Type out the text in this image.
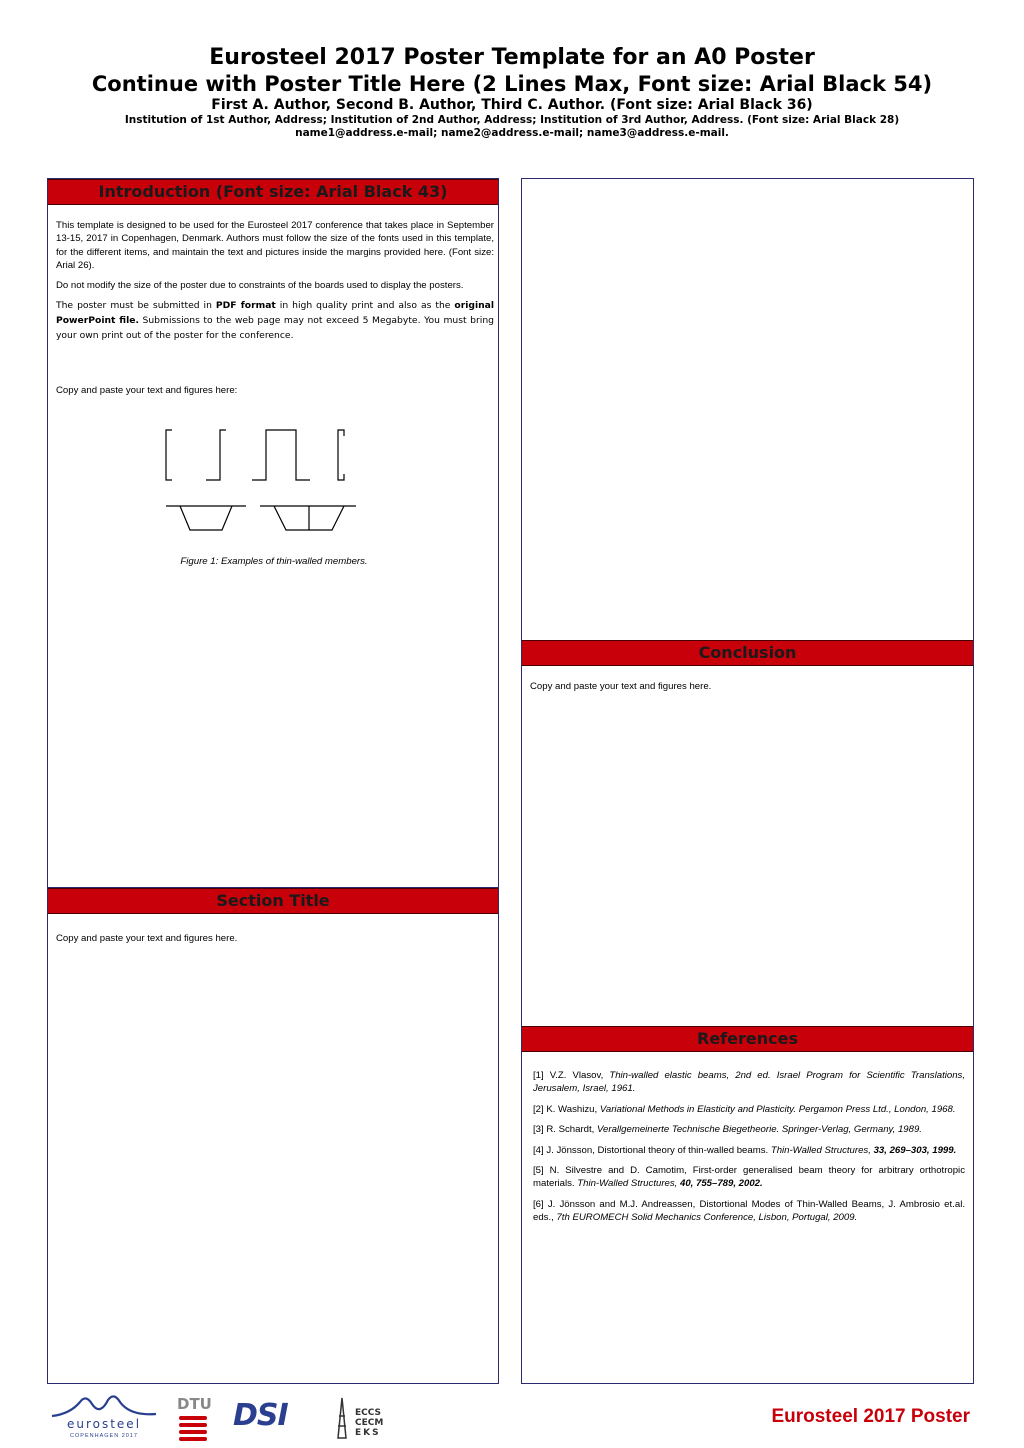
Eurosteel 2017 Poster Template for an A0 Poster
Continue with Poster Title Here (2 Lines Max, Font size: Arial Black 54)
First A. Author, Second B. Author, Third C. Author. (Font size: Arial Black 36)
Institution of 1st Author, Address; Institution of 2nd Author, Address; Institution of 3rd Author, Address. (Font size: Arial Black 28)
name1@address.e-mail; name2@address.e-mail; name3@address.e-mail.
Introduction (Font size: Arial Black 43)

This template is designed to be used for the Eurosteel 2017 conference that takes place in September 13-15, 2017 in Copenhagen, Denmark. Authors must follow the size of the fonts used in this template, for the different items, and maintain the text and pictures inside the margins provided here. (Font size: Arial 26).

Do not modify the size of the poster due to constraints of the boards used to display the posters.

The poster must be submitted in PDF format in high quality print and also as the original PowerPoint file. Submissions to the web page may not exceed 5 Megabyte. You must bring your own print out of the poster for the conference.

Copy and paste your text and figures here:
Figure 1: Examples of thin-walled members.
Section Title
Copy and paste your text and figures here.
Conclusion
Copy and paste your text and figures here.
References

[1] V.Z. Vlasov, Thin-walled elastic beams, 2nd ed. Israel Program for Scientific Translations, Jerusalem, Israel, 1961.

[2] K. Washizu, Variational Methods in Elasticity and Plasticity. Pergamon Press Ltd., London, 1968.

[3] R. Schardt, Verallgemeinerte Technische Biegetheorie. Springer-Verlag, Germany, 1989.

[4] J. Jönsson, Distortional theory of thin-walled beams. Thin-Walled Structures, 33, 269–303, 1999.

[5] N. Silvestre and D. Camotim, First-order generalised beam theory for arbitrary orthotropic materials. Thin-Walled Structures, 40, 755–789, 2002.

[6] J. Jönsson and M.J. Andreassen, Distortional Modes of Thin-Walled Beams, J. Ambrosio et.al. eds., 7th EUROMECH Solid Mechanics Conference, Lisbon, Portugal, 2009.

eurosteel
COPENHAGEN 2017
DTU DSI	ECCS
CECM
EKS
Eurosteel 2017 Poster
